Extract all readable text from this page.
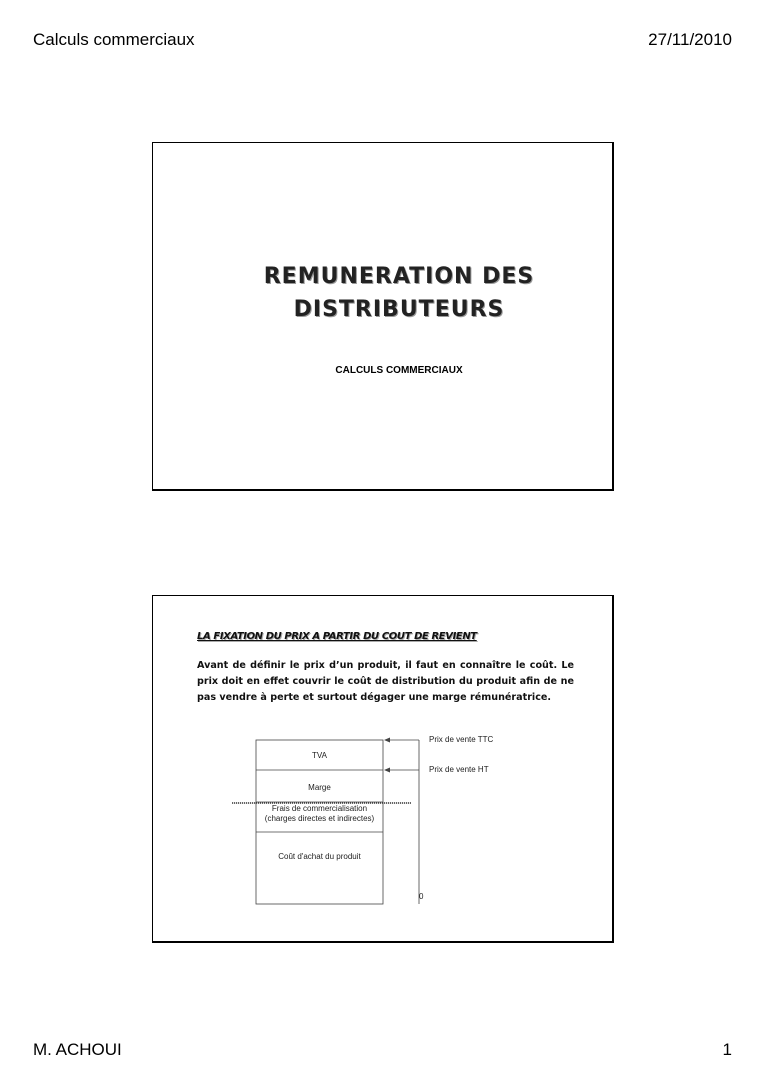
Calculs commerciaux	27/11/2010
REMUNERATION DES DISTRIBUTEURS
CALCULS COMMERCIAUX
LA FIXATION DU PRIX A PARTIR DU COUT DE REVIENT
Avant de définir le prix d’un produit, il faut en connaître le coût. Le prix doit en effet couvrir le coût de distribution du produit afin de ne pas vendre à perte et surtout dégager une marge rémunératrice.
TVA
Marge
Frais de commercialisation
(charges directes et indirectes)
Coût d'achat du produit
Prix de vente TTC
Prix de vente HT
0
M. ACHOUI	1
